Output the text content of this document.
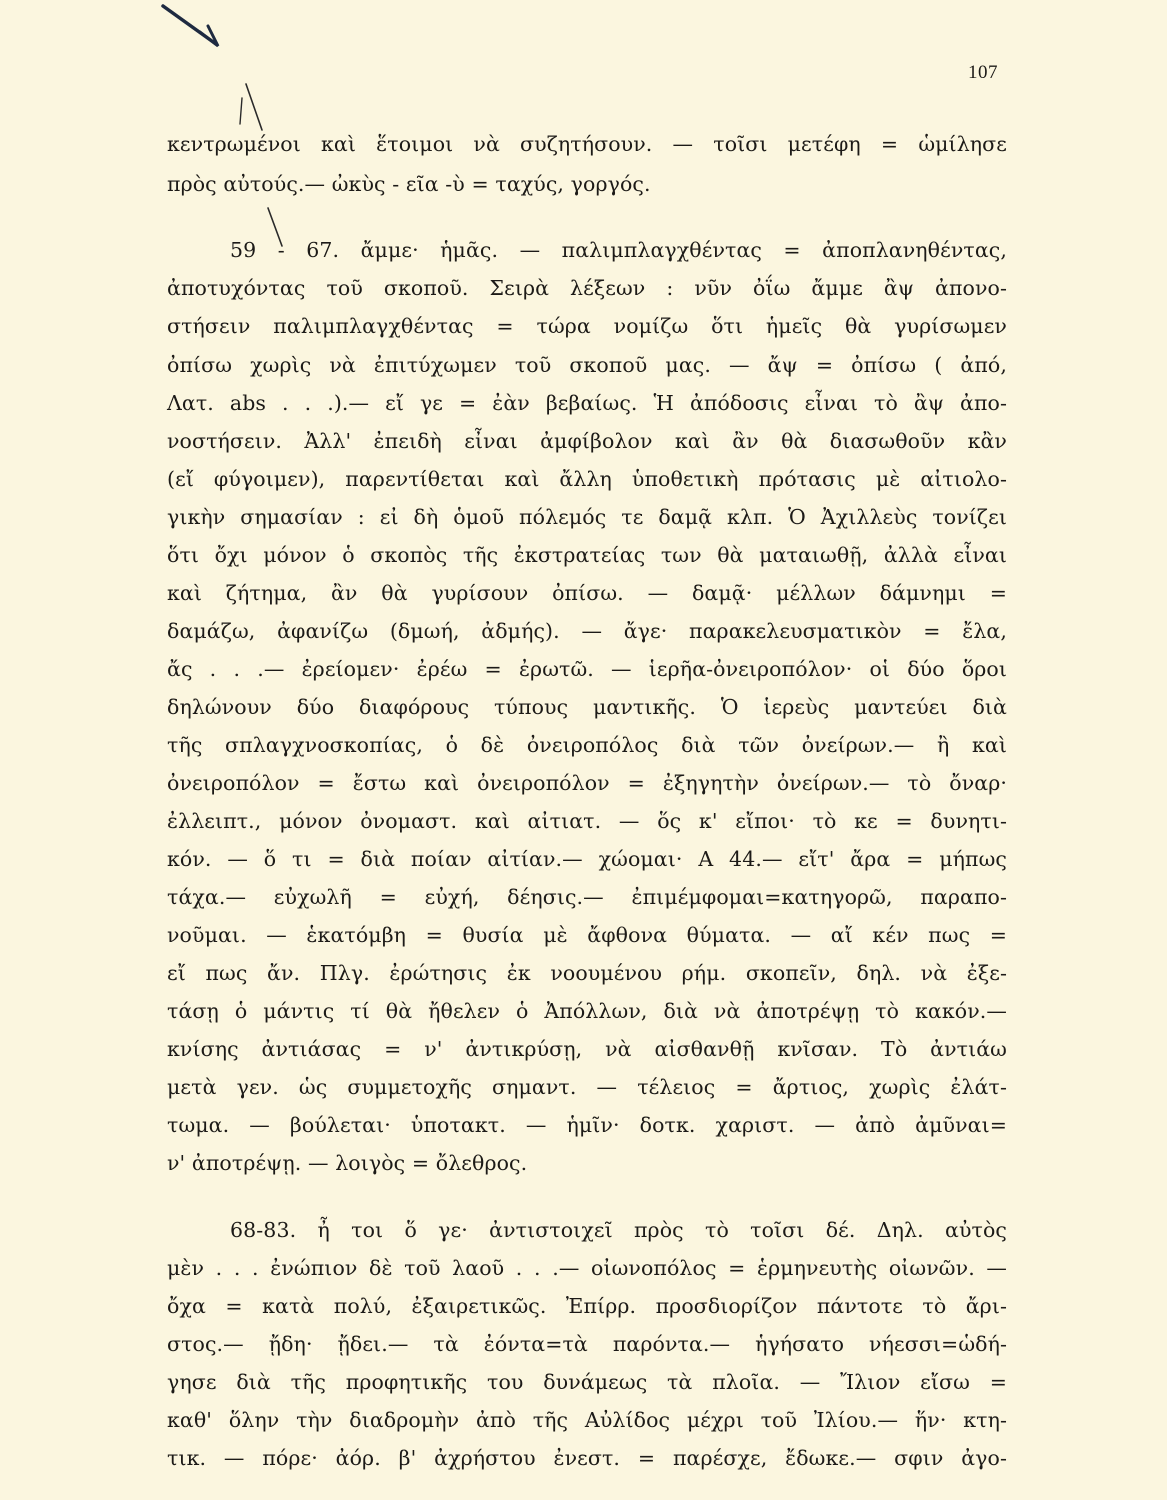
107
κεντρωμένοι καὶ ἕτοιμοι νὰ συζητήσουν. — τοῖσι μετέφη = ὡμίλησε
πρὸς αὐτούς.— ὠκὺς - εῖα -ὺ = ταχύς, γοργός.
59 - 67. ἄμμε· ἡμᾶς. — παλιμπλαγχθέντας = ἀποπλανηθέντας,
ἀποτυχόντας τοῦ σκοποῦ. Σειρὰ λέξεων : νῦν ὀΐω ἄμμε ἂψ ἀπονο-
στήσειν παλιμπλαγχθέντας = τώρα νομίζω ὅτι ἡμεῖς θὰ γυρίσωμεν
ὀπίσω χωρὶς νὰ ἐπιτύχωμεν τοῦ σκοποῦ μας. — ἄψ = ὀπίσω ( ἀπό,
Λατ. abs . . .).— εἴ γε = ἐὰν βεβαίως. Ἡ ἀπόδοσις εἶναι τὸ ἂψ ἀπο-
νοστήσειν. Ἀλλ' ἐπειδὴ εἶναι ἀμφίβολον καὶ ἂν θὰ διασωθοῦν κἂν
(εἴ φύγοιμεν), παρεντίθεται καὶ ἄλλη ὑποθετικὴ πρότασις μὲ αἰτιολο-
γικὴν σημασίαν : εἰ δὴ ὁμοῦ πόλεμός τε δαμᾷ κλπ. Ὁ Ἀχιλλεὺς τονίζει
ὅτι ὄχι μόνον ὁ σκοπὸς τῆς ἐκστρατείας των θὰ ματαιωθῇ, ἀλλὰ εἶναι
καὶ ζήτημα, ἂν θὰ γυρίσουν ὀπίσω. — δαμᾷ· μέλλων δάμνημι =
δαμάζω, ἀφανίζω (δμωή, ἀδμής). — ἄγε· παρακελευσματικὸν = ἔλα,
ἄς . . .— ἐρείομεν· ἐρέω = ἐρωτῶ. — ἱερῆα-ὀνειροπόλον· οἱ δύο ὅροι
δηλώνουν δύο διαφόρους τύπους μαντικῆς. Ὁ ἱερεὺς μαντεύει διὰ
τῆς σπλαγχνοσκοπίας, ὁ δὲ ὀνειροπόλος διὰ τῶν ὀνείρων.— ἢ καὶ
ὀνειροπόλον = ἔστω καὶ ὀνειροπόλον = ἐξηγητὴν ὀνείρων.— τὸ ὄναρ·
ἐλλειπτ., μόνον ὀνομαστ. καὶ αἰτιατ. — ὅς κ' εἴποι· τὸ κε = δυνητι-
κόν. — ὅ τι = διὰ ποίαν αἰτίαν.— χώομαι· Α 44.— εἴτ' ἄρα = μήπως
τάχα.— εὐχωλῆ = εὐχή, δέησις.— ἐπιμέμφομαι=κατηγορῶ, παραπο-
νοῦμαι. — ἑκατόμβη = θυσία μὲ ἄφθονα θύματα. — αἴ κέν πως =
εἴ πως ἄν. Πλγ. ἐρώτησις ἐκ νοουμένου ρήμ. σκοπεῖν, δηλ. νὰ ἐξε-
τάσῃ ὁ μάντις τί θὰ ἤθελεν ὁ Ἀπόλλων, διὰ νὰ ἀποτρέψῃ τὸ κακόν.—
κνίσης ἀντιάσας = ν' ἀντικρύσῃ, νὰ αἰσθανθῇ κνῖσαν. Τὸ ἀντιάω
μετὰ γεν. ὡς συμμετοχῆς σημαντ. — τέλειος = ἄρτιος, χωρὶς ἐλάτ-
τωμα. — βούλεται· ὑποτακτ. — ἡμῖν· δοτκ. χαριστ. — ἀπὸ ἀμῦναι=
ν' ἀποτρέψῃ. — λοιγὸς = ὄλεθρος.
68-83. ἦ τοι ὅ γε· ἀντιστοιχεῖ πρὸς τὸ τοῖσι δέ. Δηλ. αὐτὸς
μὲν . . . ἐνώπιον δὲ τοῦ λαοῦ . . .— οἰωνοπόλος = ἑρμηνευτὴς οἰωνῶν. —
ὄχα = κατὰ πολύ, ἐξαιρετικῶς. Ἐπίρρ. προσδιορίζον πάντοτε τὸ ἄρι-
στος.— ᾔδη· ᾔδει.— τὰ ἐόντα=τὰ παρόντα.— ἡγήσατο νήεσσι=ὡδή-
γησε διὰ τῆς προφητικῆς του δυνάμεως τὰ πλοῖα. — Ἴλιον εἴσω =
καθ' ὅλην τὴν διαδρομὴν ἀπὸ τῆς Αὐλίδος μέχρι τοῦ Ἰλίου.— ἥν· κτη-
τικ. — πόρε· ἀόρ. β' ἀχρήστου ἐνεστ. = παρέσχε, ἔδωκε.— σφιν ἀγο-
